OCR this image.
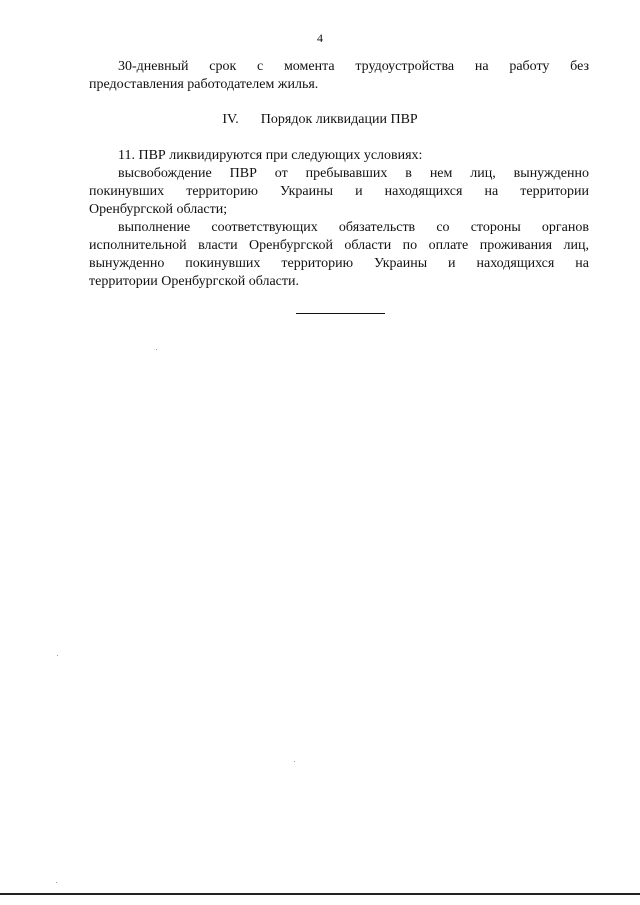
4
30-дневный срок с момента трудоустройства на работу без
предоставления работодателем жилья.
IV. Порядок ликвидации ПВР
11. ПВР ликвидируются при следующих условиях:
высвобождение ПВР от пребывавших в нем лиц, вынужденно
покинувших территорию Украины и находящихся на территории
Оренбургской области;
выполнение соответствующих обязательств со стороны органов
исполнительной власти Оренбургской области по оплате проживания лиц,
вынужденно покинувших территорию Украины и находящихся на
территории Оренбургской области.
